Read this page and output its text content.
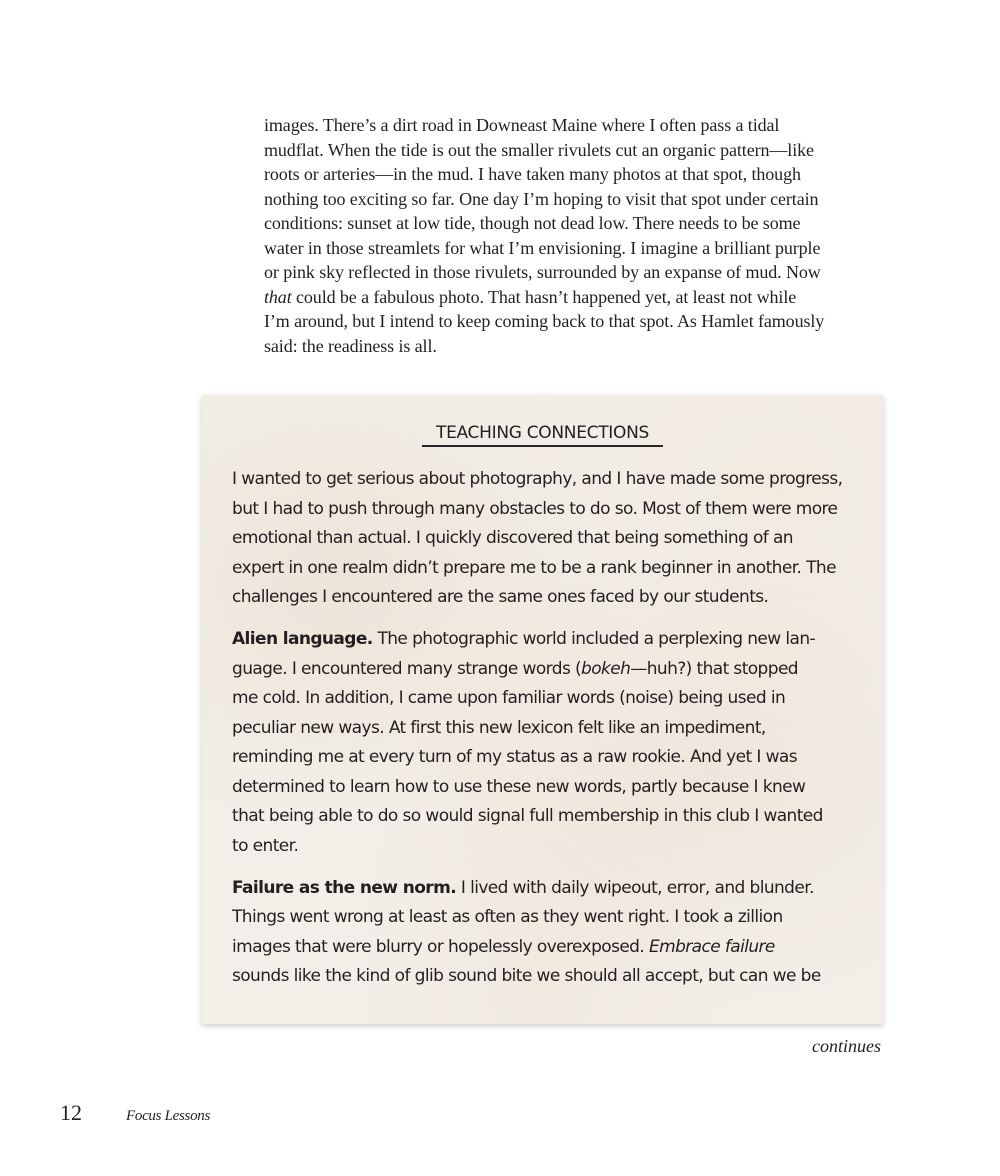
images. There’s a dirt road in Downeast Maine where I often pass a tidal
mudflat. When the tide is out the smaller rivulets cut an organic pattern—like
roots or arteries—in the mud. I have taken many photos at that spot, though
nothing too exciting so far. One day I’m hoping to visit that spot under certain
conditions: sunset at low tide, though not dead low. There needs to be some
water in those streamlets for what I’m envisioning. I imagine a brilliant purple
or pink sky reflected in those rivulets, surrounded by an expanse of mud. Now
that could be a fabulous photo. That hasn’t happened yet, at least not while
I’m around, but I intend to keep coming back to that spot. As Hamlet famously
said: the readiness is all.
TEACHING CONNECTIONS
I wanted to get serious about photography, and I have made some progress,
but I had to push through many obstacles to do so. Most of them were more
emotional than actual. I quickly discovered that being something of an
expert in one realm didn’t prepare me to be a rank beginner in another. The
challenges I encountered are the same ones faced by our students.
Alien language. The photographic world included a perplexing new lan-
guage. I encountered many strange words (bokeh—huh?) that stopped
me cold. In addition, I came upon familiar words (noise) being used in
peculiar new ways. At first this new lexicon felt like an impediment,
reminding me at every turn of my status as a raw rookie. And yet I was
determined to learn how to use these new words, partly because I knew
that being able to do so would signal full membership in this club I wanted
to enter.
Failure as the new norm. I lived with daily wipeout, error, and blunder.
Things went wrong at least as often as they went right. I took a zillion
images that were blurry or hopelessly overexposed. Embrace failure
sounds like the kind of glib sound bite we should all accept, but can we be
continues
12	Focus Lessons
